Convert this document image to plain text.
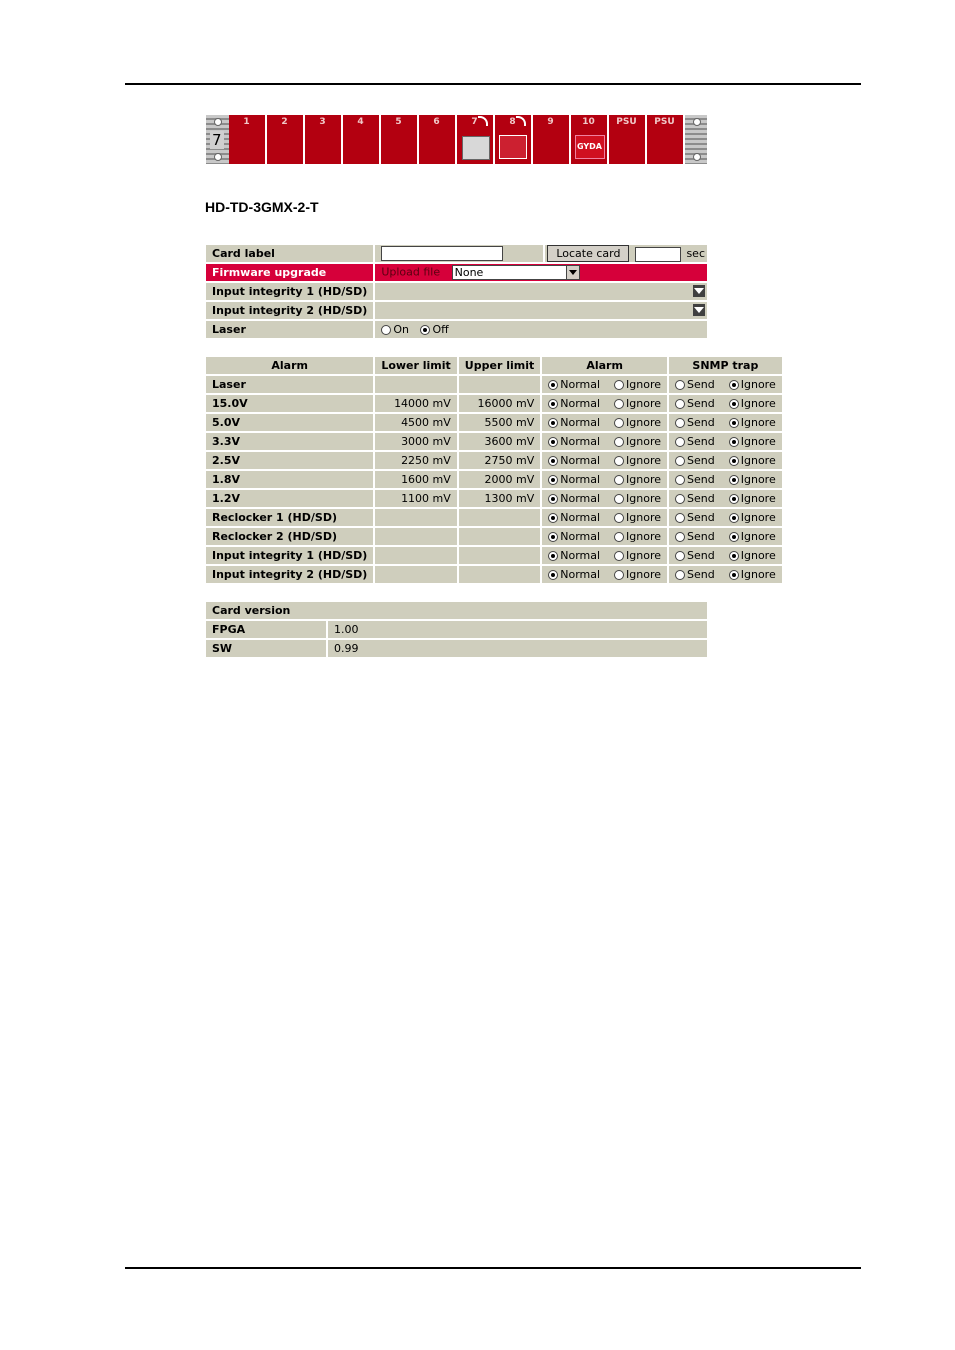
7
1	2	3	4	5	6	7	8	9	10
GYDA
PSU	PSU
HD-TD-3GMX-2-T
Card label		Locate card sec
Firmware upgrade	Upload file None	

Input integrity 1 (HD/SD)		

Input integrity 2 (HD/SD)		

Laser	On Off	
Alarm	Lower limit	Upper limit	Alarm	SNMP trap
Laser			Normal Ignore	Send Ignore
15.0V	14000 mV	16000 mV	Normal Ignore	Send Ignore
5.0V	4500 mV	5500 mV	Normal Ignore	Send Ignore
3.3V	3000 mV	3600 mV	Normal Ignore	Send Ignore
2.5V	2250 mV	2750 mV	Normal Ignore	Send Ignore
1.8V	1600 mV	2000 mV	Normal Ignore	Send Ignore
1.2V	1100 mV	1300 mV	Normal Ignore	Send Ignore
Reclocker 1 (HD/SD)			Normal Ignore	Send Ignore
Reclocker 2 (HD/SD)			Normal Ignore	Send Ignore
Input integrity 1 (HD/SD)			Normal Ignore	Send Ignore
Input integrity 2 (HD/SD)			Normal Ignore	Send Ignore
Card version	
FPGA	1.00
SW	0.99
